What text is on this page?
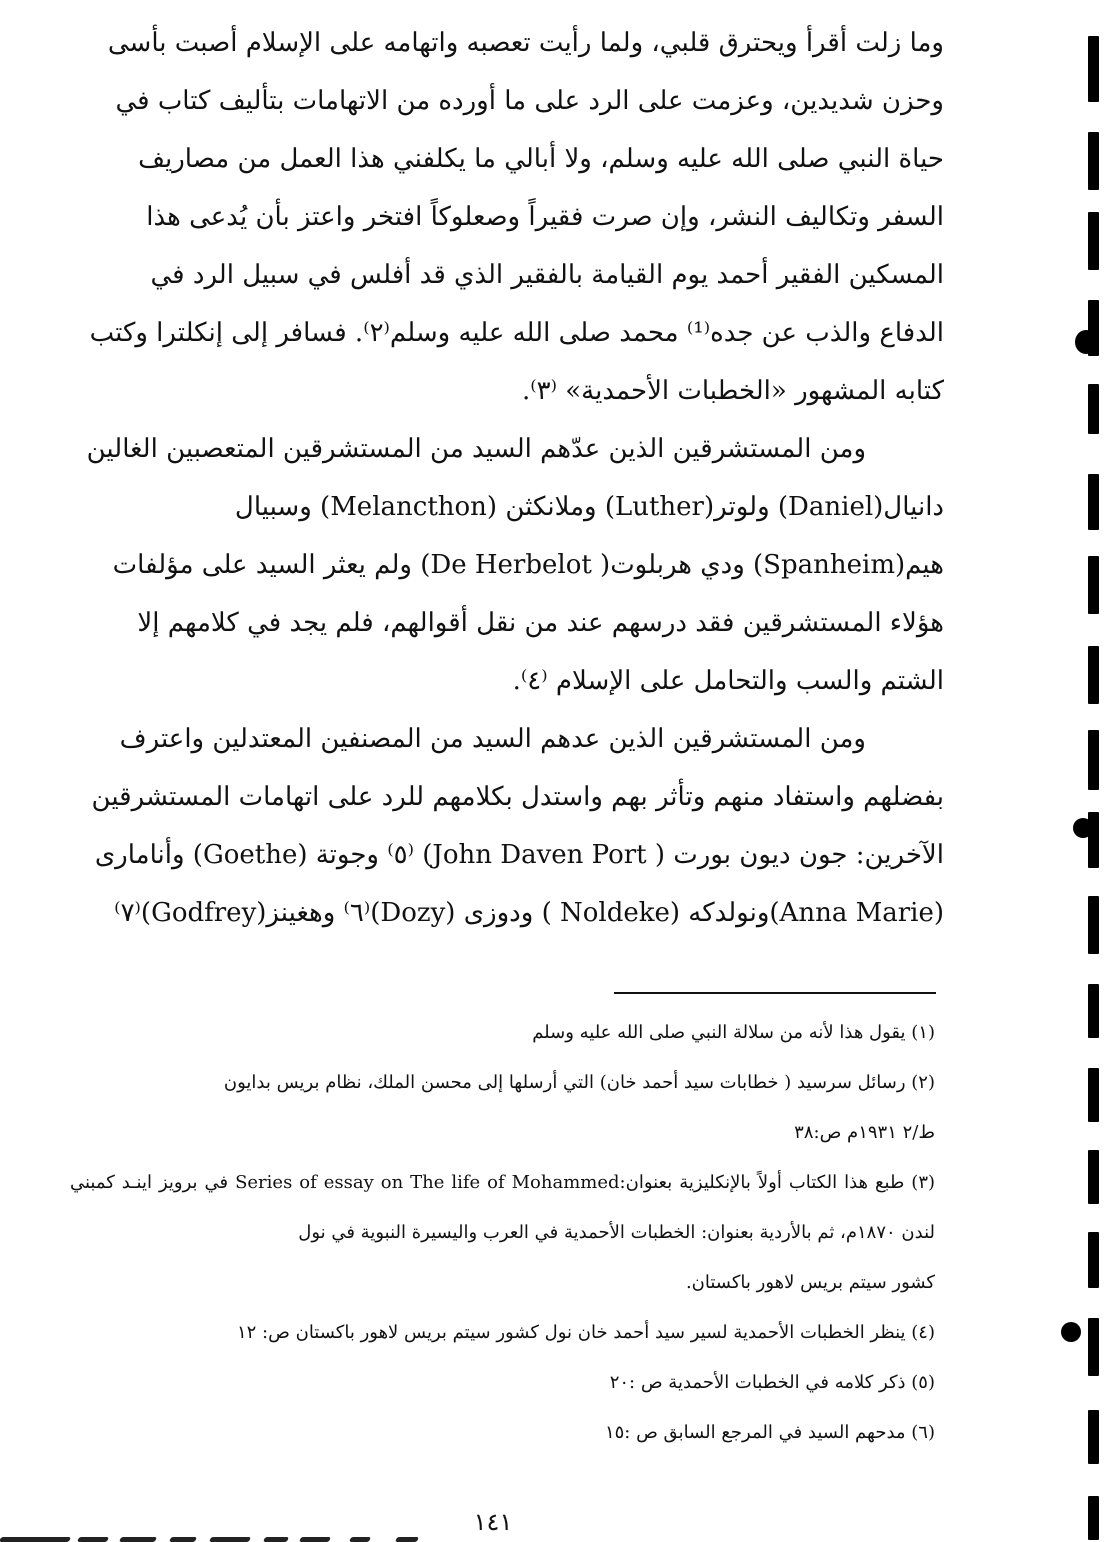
وما زلت أقرأ ويحترق قلبي، ولما رأيت تعصبه واتهامه على الإسلام أصبت بأسى وحزن شديدين، وعزمت على الرد على ما أورده من الاتهامات بتأليف كتاب في حياة النبي صلى الله عليه وسلم، ولا أبالي ما يكلفني هذا العمل من مصاريف السفر وتكاليف النشر، وإن صرت فقيراً وصعلوكاً افتخر واعتز بأن يُدعى هذا المسكين الفقير أحمد يوم القيامة بالفقير الذي قد أفلس في سبيل الرد في الدفاع والذب عن جده⁽¹⁾ محمد صلى الله عليه وسلم⁽٢⁾. فسافر إلى إنكلترا وكتب كتابه المشهور «الخطبات الأحمدية» ⁽٣⁾.

ومن المستشرقين الذين عدّهم السيد من المستشرقين المتعصبين الغالين دانيال(Daniel) ولوتر(Luther) وملانكثن (Melancthon) وسبيال هيم(Spanheim) ودي هربلوت( De Herbelot) ولم يعثر السيد على مؤلفات هؤلاء المستشرقين فقد درسهم عند من نقل أقوالهم، فلم يجد في كلامهم إلا الشتم والسب والتحامل على الإسلام ⁽٤⁾.

ومن المستشرقين الذين عدهم السيد من المصنفين المعتدلين واعترف بفضلهم واستفاد منهم وتأثر بهم واستدل بكلامهم للرد على اتهامات المستشرقين الآخرين: جون ديون بورت ( John Daven Port) ⁽٥⁾ وجوتة (Goethe) وأنامارى (Anna Marie)ونولدكه (Noldeke ) ودوزى (Dozy)⁽٦⁾ وهغينز(Godfrey)⁽٧⁾

(١) يقول هذا لأنه من سلالة النبي صلى الله عليه وسلم

(٢) رسائل سرسيد ( خطابات سيد أحمد خان) التي أرسلها إلى محسن الملك، نظام بريس بدايون

ط/٢ ١٩٣١م ص:٣٨

(٣) طبع هذا الكتاب أولاً بالإنكليزية بعنوان:Series of essay on The life of Mohammed في برويز اينـد كمبني لندن ١٨٧٠م، ثم بالأردية بعنوان: الخطبات الأحمدية في العرب واليسيرة النبوية في نول

كشور سيتم بريس لاهور باكستان.

(٤) ينظر الخطبات الأحمدية لسير سيد أحمد خان نول كشور سيتم بريس لاهور باكستان ص: ١٢

(٥) ذكر كلامه في الخطبات الأحمدية ص :٢٠

(٦) مدحهم السيد في المرجع السابق ص :١٥

١٤١
